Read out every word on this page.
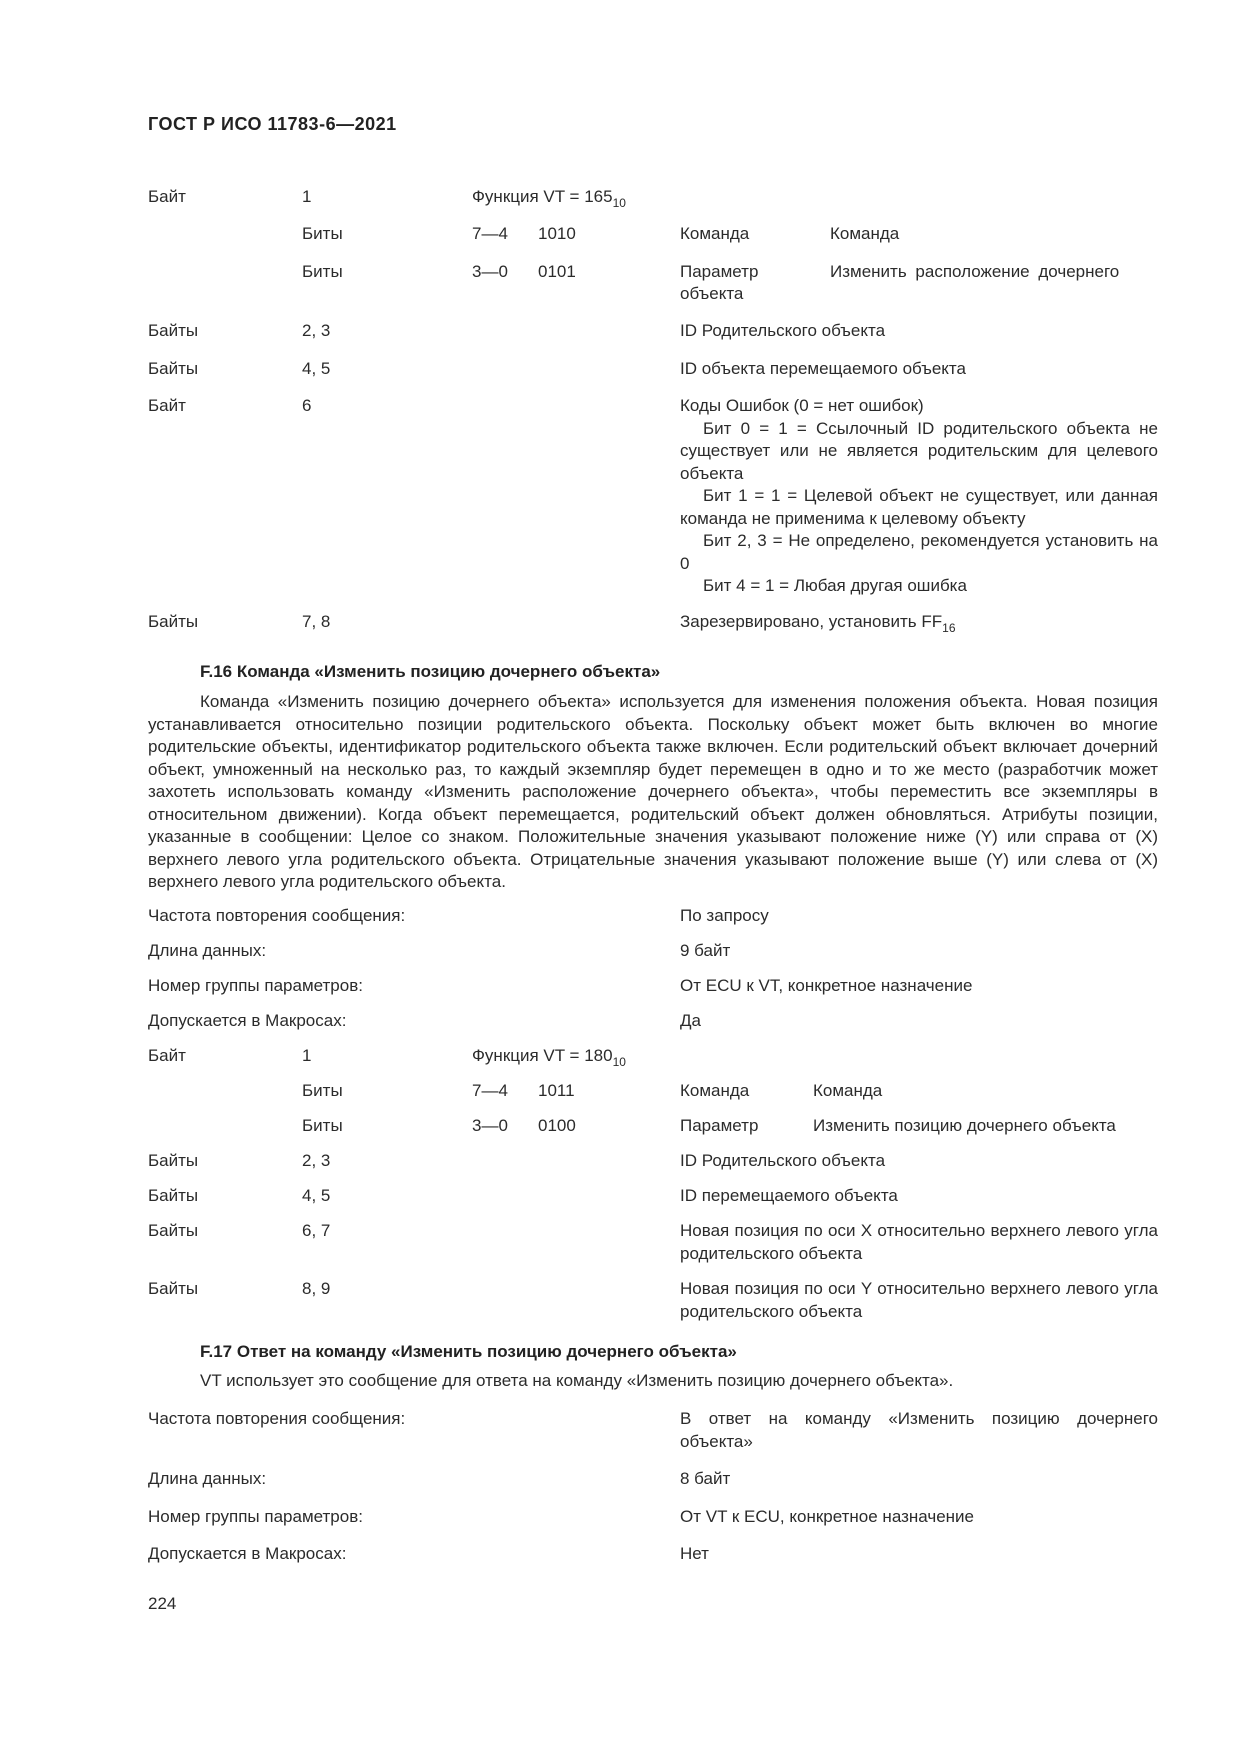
ГОСТ Р ИСО 11783-6—2021
Байт	1	Функция VT = $165_{10}$
Биты	7—4 1010	Команда	Команда
Биты	3—0 0101	Параметр	Изменить расположение дочернего
объекта
Байты	2, 3	ID Родительского объекта
Байты	4, 5	ID объекта перемещаемого объекта
Байт	6	Коды Ошибок (0 = нет ошибок)
Бит 0 = 1 = Ссылочный ID родительского объекта не существует или не является родительским для целевого объекта
Бит 1 = 1 = Целевой объект не существует, или данная команда не применима к целевому объекту
Бит 2, 3 = Не определено, рекомендуется установить на 0
Бит 4 = 1 = Любая другая ошибка
Байты	7, 8	Зарезервировано, установить $FF_{16}$
F.16 Команда «Изменить позицию дочернего объекта»
Команда «Изменить позицию дочернего объекта» используется для изменения положения объекта. Новая позиция устанавливается относительно позиции родительского объекта. Поскольку объект может быть включен во многие родительские объекты, идентификатор родительского объекта также включен. Если родительский объект включает дочерний объект, умноженный на несколько раз, то каждый экземпляр будет перемещен в одно и то же место (разработчик может захотеть использовать команду «Изменить расположение дочернего объекта», чтобы переместить все экземпляры в относительном движении). Когда объект перемещается, родительский объект должен обновляться. Атрибуты позиции, указанные в сообщении: Целое со знаком. Положительные значения указывают положение ниже (Y) или справа от (X) верхнего левого угла родительского объекта. Отрицательные значения указывают положение выше (Y) или слева от (X) верхнего левого угла родительского объекта.
Частота повторения сообщения:	По запросу
Длина данных:	9 байт
Номер группы параметров:	От ECU к VT, конкретное назначение
Допускается в Макросах:	Да
Байт	1	Функция VT = $180_{10}$
Биты	7—4 1011	Команда	Команда
Биты	3—0 0100	Параметр	Изменить позицию дочернего объекта
Байты	2, 3	ID Родительского объекта
Байты	4, 5	ID перемещаемого объекта
Байты	6, 7	Новая позиция по оси X относительно верхнего левого угла родительского объекта
Байты	8, 9	Новая позиция по оси Y относительно верхнего левого угла родительского объекта
F.17 Ответ на команду «Изменить позицию дочернего объекта»
VT использует это сообщение для ответа на команду «Изменить позицию дочернего объекта».
Частота повторения сообщения:	В ответ на команду «Изменить позицию дочернего объекта»
Длина данных:	8 байт
Номер группы параметров:	От VT к ECU, конкретное назначение
Допускается в Макросах:	Нет
224
